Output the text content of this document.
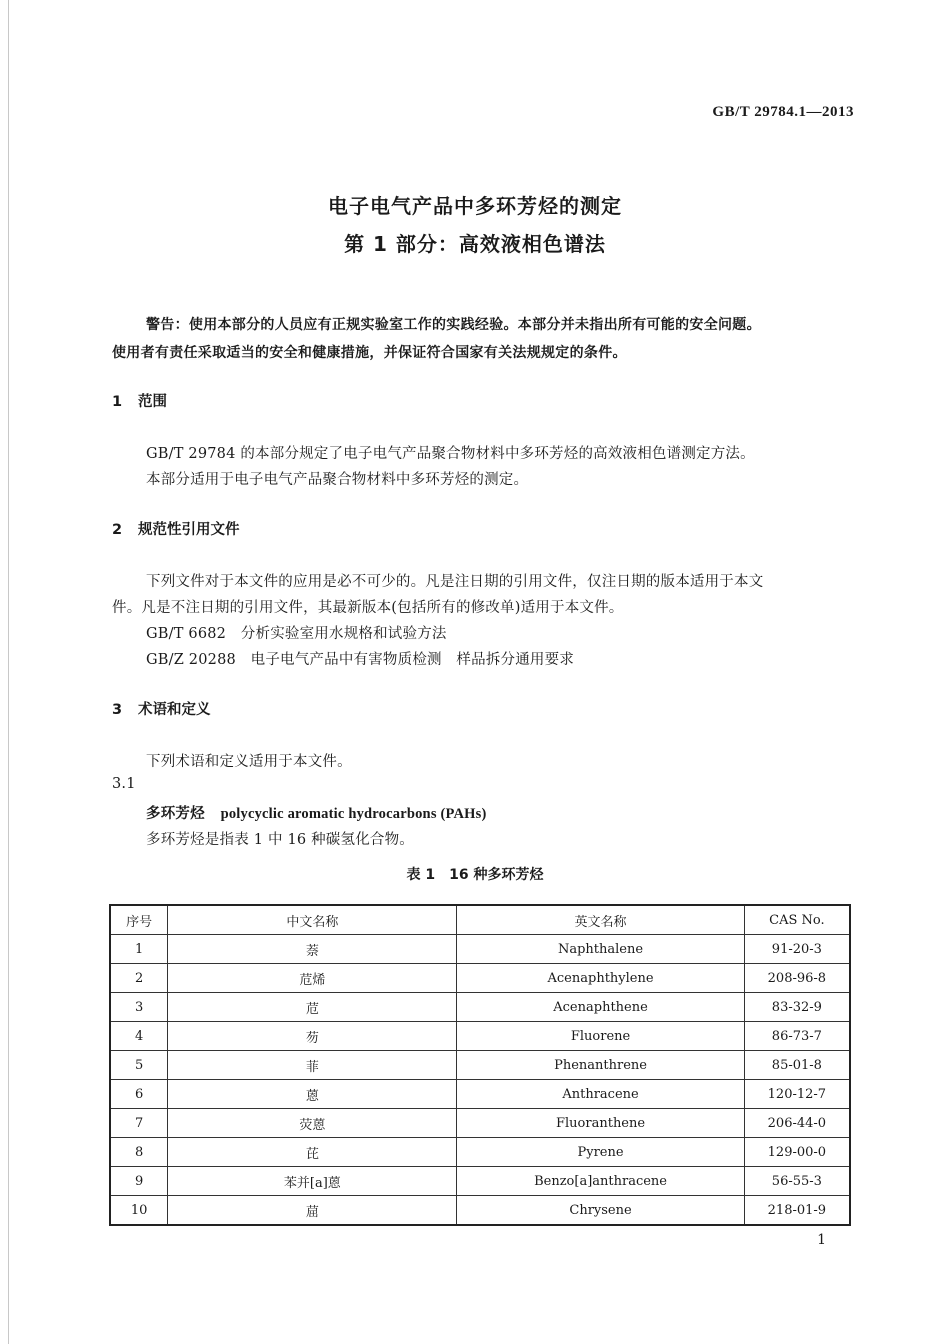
GB/T 29784.1—2013
电子电气产品中多环芳烃的测定
第 1 部分：高效液相色谱法
警告：使用本部分的人员应有正规实验室工作的实践经验。本部分并未指出所有可能的安全问题。
使用者有责任采取适当的安全和健康措施，并保证符合国家有关法规规定的条件。
1 范围
GB/T 29784 的本部分规定了电子电气产品聚合物材料中多环芳烃的高效液相色谱测定方法。
本部分适用于电子电气产品聚合物材料中多环芳烃的测定。
2 规范性引用文件
下列文件对于本文件的应用是必不可少的。凡是注日期的引用文件，仅注日期的版本适用于本文
件。凡是不注日期的引用文件，其最新版本(包括所有的修改单)适用于本文件。
GB/T 6682　分析实验室用水规格和试验方法
GB/Z 20288　电子电气产品中有害物质检测　样品拆分通用要求
3 术语和定义
下列术语和定义适用于本文件。
3.1
多环芳烃 polycyclic aromatic hydrocarbons (PAHs)
多环芳烃是指表 1 中 16 种碳氢化合物。
表 1　16 种多环芳烃
序号	中文名称	英文名称	CAS No.
1	萘	Naphthalene	91-20-3
2	苊烯	Acenaphthylene	208-96-8
3	苊	Acenaphthene	83-32-9
4	芴	Fluorene	86-73-7
5	菲	Phenanthrene	85-01-8
6	蒽	Anthracene	120-12-7
7	荧蒽	Fluoranthene	206-44-0
8	芘	Pyrene	129-00-0
9	苯并[a]蒽	Benzo[a]anthracene	56-55-3
10	䓛	Chrysene	218-01-9
1
